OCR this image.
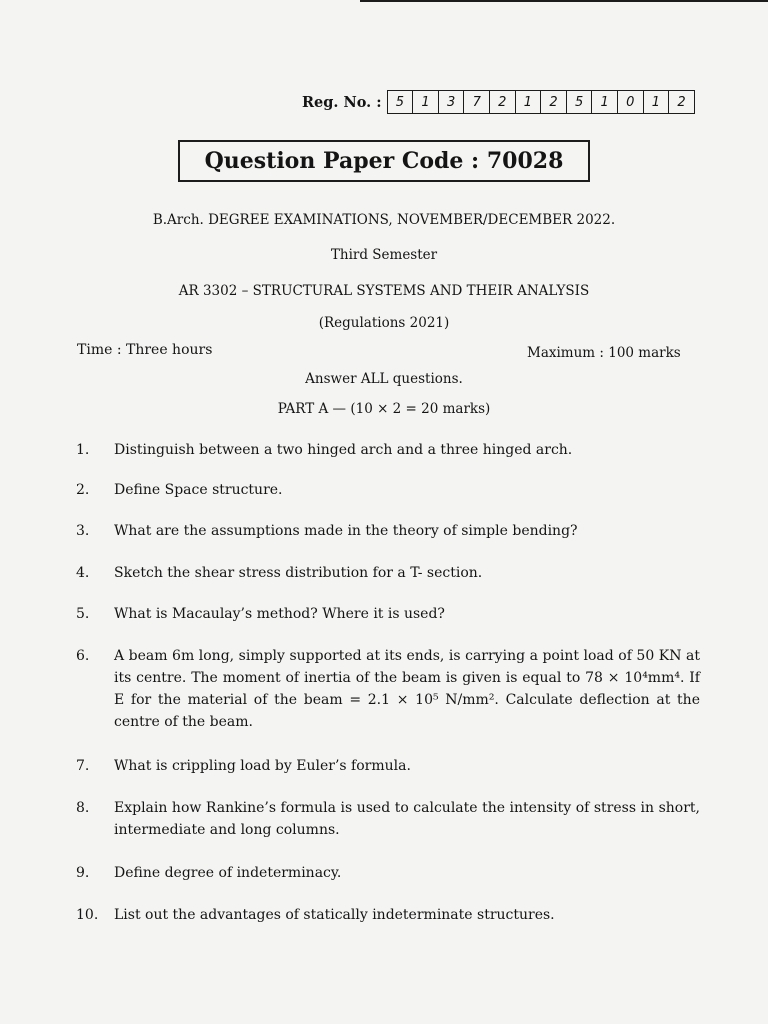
Reg. No. :	5	1	3	7	2	1	2	5	1	0	1	2
Question Paper Code : 70028
B.Arch. DEGREE EXAMINATIONS, NOVEMBER/DECEMBER 2022.
Third Semester
AR 3302 – STRUCTURAL SYSTEMS AND THEIR ANALYSIS
(Regulations 2021)
Time : Three hours	Maximum : 100 marks
Answer ALL questions.
PART A — (10 × 2 = 20 marks)
1.	Distinguish between a two hinged arch and a three hinged arch.
2.	Define Space structure.
3.	What are the assumptions made in the theory of simple bending?
4.	Sketch the shear stress distribution for a T- section.
5.	What is Macaulay’s method? Where it is used?
6.	A beam 6m long, simply supported at its ends, is carrying a point load of 50 KN at its centre. The moment of inertia of the beam is given is equal to 78 × 10⁴mm⁴. If E for the material of the beam = 2.1 × 10⁵ N/mm². Calculate deflection at the centre of the beam.
7.	What is crippling load by Euler’s formula.
8.	Explain how Rankine’s formula is used to calculate the intensity of stress in short, intermediate and long columns.
9.	Define degree of indeterminacy.
10.	List out the advantages of statically indeterminate structures.
